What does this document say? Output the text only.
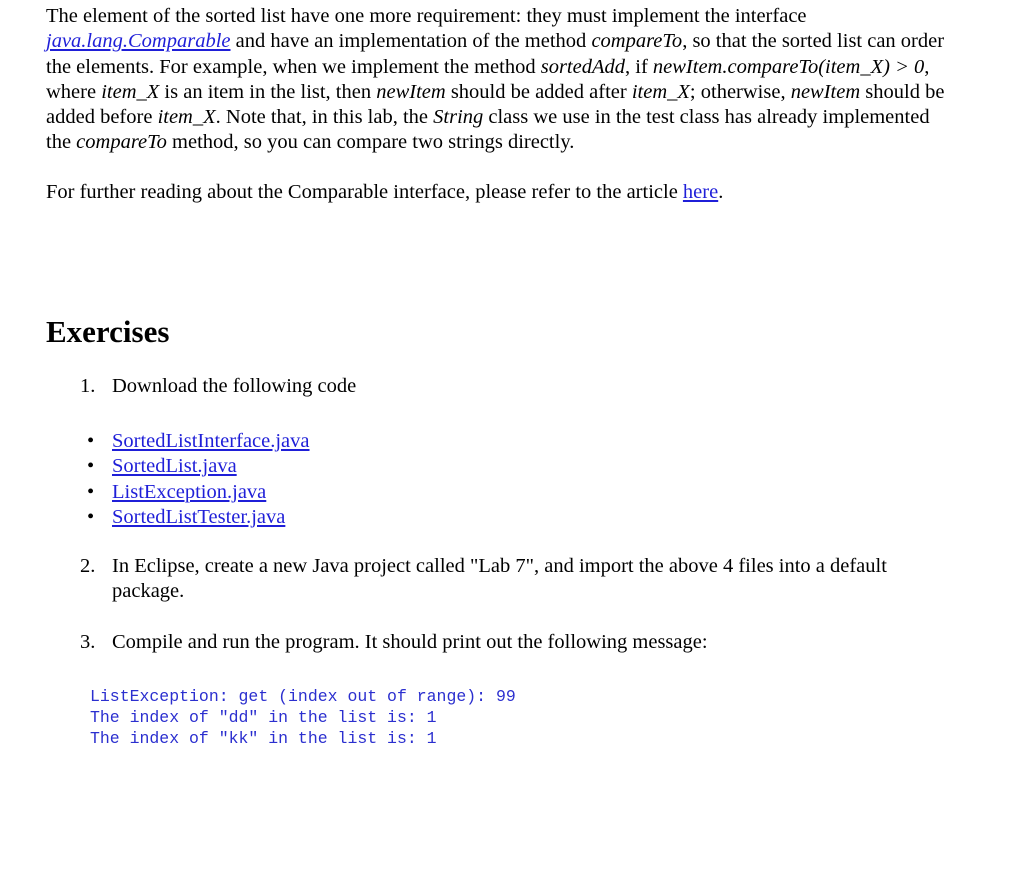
The element of the sorted list have one more requirement: they must implement the interface
java.lang.Comparable and have an implementation of the method compareTo, so that the sorted list can order the elements. For example, when we implement the method sortedAdd, if newItem.compareTo(item_X) > 0, where item_X is an item in the list, then newItem should be added after item_X; otherwise, newItem should be added before item_X. Note that, in this lab, the String class we use in the test class has already implemented the compareTo method, so you can compare two strings directly.

For further reading about the Comparable interface, please refer to the article here.

Exercises
1. Download the following code
• SortedListInterface.java
• SortedList.java
• ListException.java
• SortedListTester.java
2. In Eclipse, create a new Java project called "Lab 7", and import the above 4 files into a default package.
3. Compile and run the program. It should print out the following message:
ListException: get (index out of range): 99
The index of "dd" in the list is: 1
The index of "kk" in the list is: 1
